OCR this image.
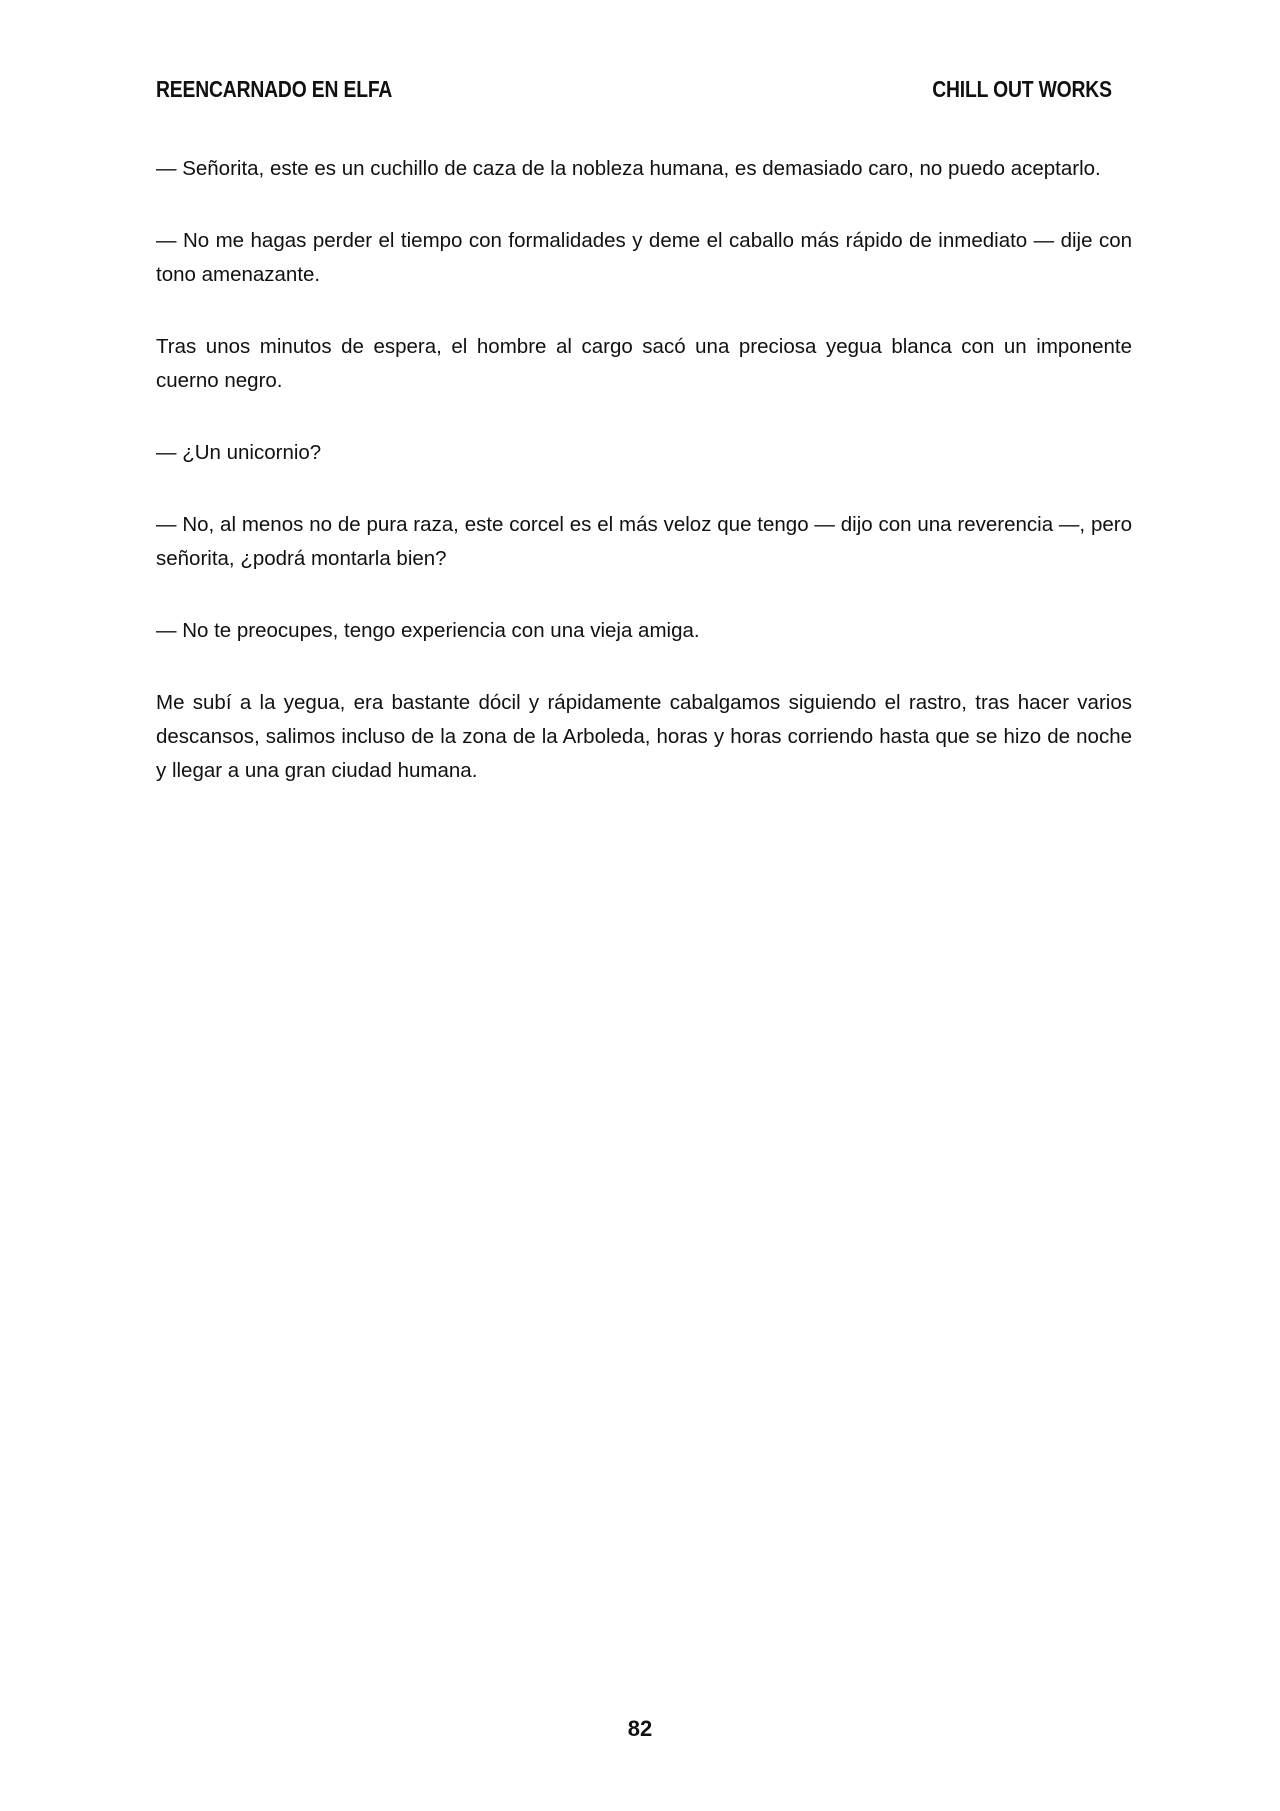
REENCARNADO EN ELFA	CHILL OUT WORKS

— Señorita, este es un cuchillo de caza de la nobleza humana, es demasiado caro, no puedo aceptarlo.

— No me hagas perder el tiempo con formalidades y deme el caballo más rápido de inmediato — dije con tono amenazante.

Tras unos minutos de espera, el hombre al cargo sacó una preciosa yegua blanca con un imponente cuerno negro.

— ¿Un unicornio?

— No, al menos no de pura raza, este corcel es el más veloz que tengo — dijo con una reverencia —, pero señorita, ¿podrá montarla bien?

— No te preocupes, tengo experiencia con una vieja amiga.

Me subí a la yegua, era bastante dócil y rápidamente cabalgamos siguiendo el rastro, tras hacer varios descansos, salimos incluso de la zona de la Arboleda, horas y horas corriendo hasta que se hizo de noche y llegar a una gran ciudad humana.

82
